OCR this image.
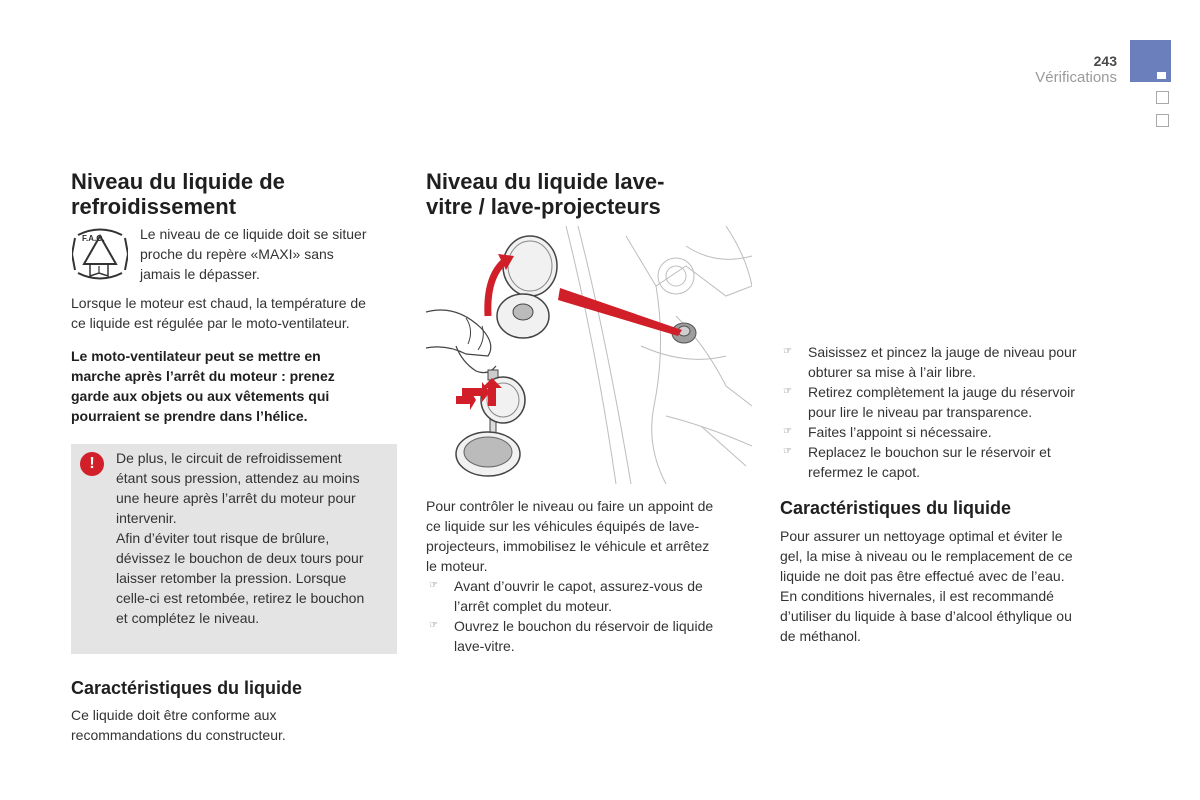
243
Vérifications
Niveau du liquide de
refroidissement
F.A.O.	Le niveau de ce liquide doit se situer
proche du repère «MAXI» sans
jamais le dépasser.

Lorsque le moteur est chaud, la température de
ce liquide est régulée par le moto-ventilateur.

Le moto-ventilateur peut se mettre en
marche après l’arrêt du moteur : prenez
garde aux objets ou aux vêtements qui
pourraient se prendre dans l’hélice.

!	De plus, le circuit de refroidissement
étant sous pression, attendez au moins
une heure après l’arrêt du moteur pour
intervenir.
Afin d’éviter tout risque de brûlure,
dévissez le bouchon de deux tours pour
laisser retomber la pression. Lorsque
celle-ci est retombée, retirez le bouchon
et complétez le niveau.

Caractéristiques du liquide

Ce liquide doit être conforme aux
recommandations du constructeur.

Niveau du liquide lave-
vitre / lave-projecteurs

Pour contrôler le niveau ou faire un appoint de
ce liquide sur les véhicules équipés de lave-
projecteurs, immobilisez le véhicule et arrêtez
le moteur.

☞ Avant d’ouvrir le capot, assurez-vous de
l’arrêt complet du moteur.
☞ Ouvrez le bouchon du réservoir de liquide
lave-vitre.
☞ Saisissez et pincez la jauge de niveau pour
obturer sa mise à l’air libre.
☞ Retirez complètement la jauge du réservoir
pour lire le niveau par transparence.
☞ Faites l’appoint si nécessaire.
☞ Replacez le bouchon sur le réservoir et
refermez le capot.
Caractéristiques du liquide

Pour assurer un nettoyage optimal et éviter le
gel, la mise à niveau ou le remplacement de ce
liquide ne doit pas être effectué avec de l’eau.
En conditions hivernales, il est recommandé
d’utiliser du liquide à base d’alcool éthylique ou
de méthanol.
